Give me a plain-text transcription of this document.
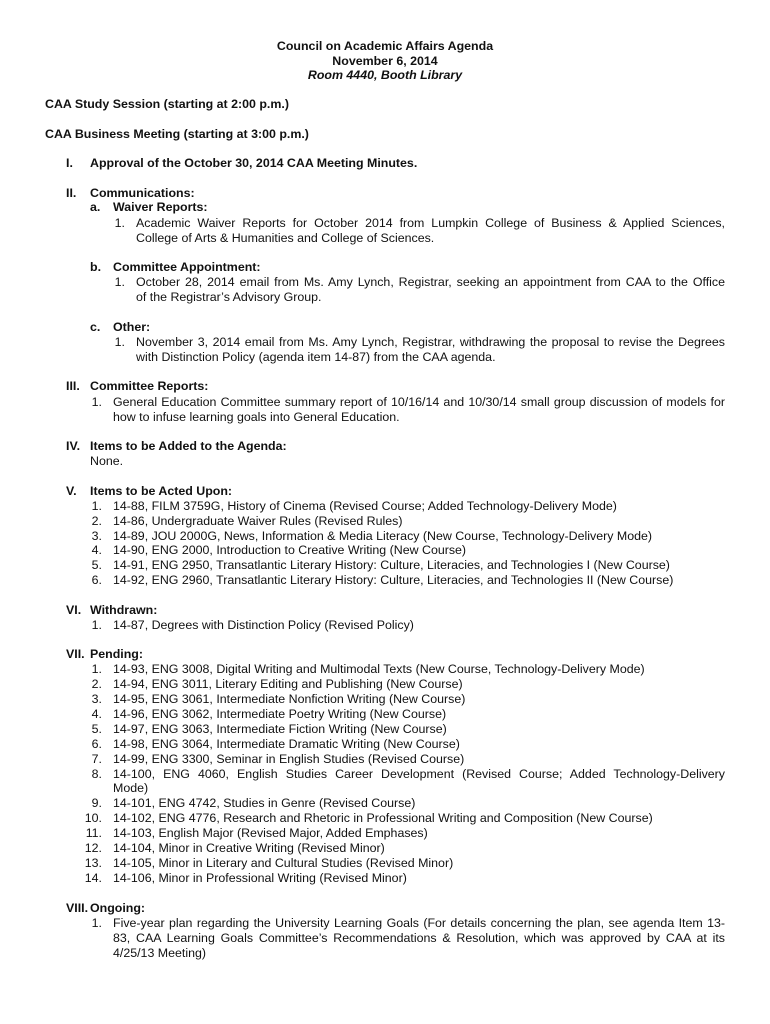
Council on Academic Affairs Agenda
November 6, 2014
Room 4440, Booth Library
CAA Study Session (starting at 2:00 p.m.)
CAA Business Meeting (starting at 3:00 p.m.)
I. Approval of the October 30, 2014 CAA Meeting Minutes.
II. Communications:
a. Waiver Reports:
1. Academic Waiver Reports for October 2014 from Lumpkin College of Business & Applied Sciences,
College of Arts & Humanities and College of Sciences.
b. Committee Appointment:
1. October 28, 2014 email from Ms. Amy Lynch, Registrar, seeking an appointment from CAA to the Office
of the Registrar’s Advisory Group.
c. Other:
1. November 3, 2014 email from Ms. Amy Lynch, Registrar, withdrawing the proposal to revise the Degrees
with Distinction Policy (agenda item 14-87) from the CAA agenda.
III. Committee Reports:
1. General Education Committee summary report of 10/16/14 and 10/30/14 small group discussion of models for
how to infuse learning goals into General Education.
IV. Items to be Added to the Agenda:
None.
V. Items to be Acted Upon:
1. 14-88, FILM 3759G, History of Cinema (Revised Course; Added Technology-Delivery Mode)
2. 14-86, Undergraduate Waiver Rules (Revised Rules)
3. 14-89, JOU 2000G, News, Information & Media Literacy (New Course, Technology-Delivery Mode)
4. 14-90, ENG 2000, Introduction to Creative Writing (New Course)
5. 14-91, ENG 2950, Transatlantic Literary History: Culture, Literacies, and Technologies I (New Course)
6. 14-92, ENG 2960, Transatlantic Literary History: Culture, Literacies, and Technologies II (New Course)
VI. Withdrawn:
1. 14-87, Degrees with Distinction Policy (Revised Policy)
VII. Pending:
1. 14-93, ENG 3008, Digital Writing and Multimodal Texts (New Course, Technology-Delivery Mode)
2. 14-94, ENG 3011, Literary Editing and Publishing (New Course)
3. 14-95, ENG 3061, Intermediate Nonfiction Writing (New Course)
4. 14-96, ENG 3062, Intermediate Poetry Writing (New Course)
5. 14-97, ENG 3063, Intermediate Fiction Writing (New Course)
6. 14-98, ENG 3064, Intermediate Dramatic Writing (New Course)
7. 14-99, ENG 3300, Seminar in English Studies (Revised Course)
8. 14-100, ENG 4060, English Studies Career Development (Revised Course; Added Technology-Delivery
Mode)
9. 14-101, ENG 4742, Studies in Genre (Revised Course)
10. 14-102, ENG 4776, Research and Rhetoric in Professional Writing and Composition (New Course)
11. 14-103, English Major (Revised Major, Added Emphases)
12. 14-104, Minor in Creative Writing (Revised Minor)
13. 14-105, Minor in Literary and Cultural Studies (Revised Minor)
14. 14-106, Minor in Professional Writing (Revised Minor)
VIII. Ongoing:
1. Five-year plan regarding the University Learning Goals (For details concerning the plan, see agenda Item 13-
83, CAA Learning Goals Committee’s Recommendations & Resolution, which was approved by CAA at its
4/25/13 Meeting)
